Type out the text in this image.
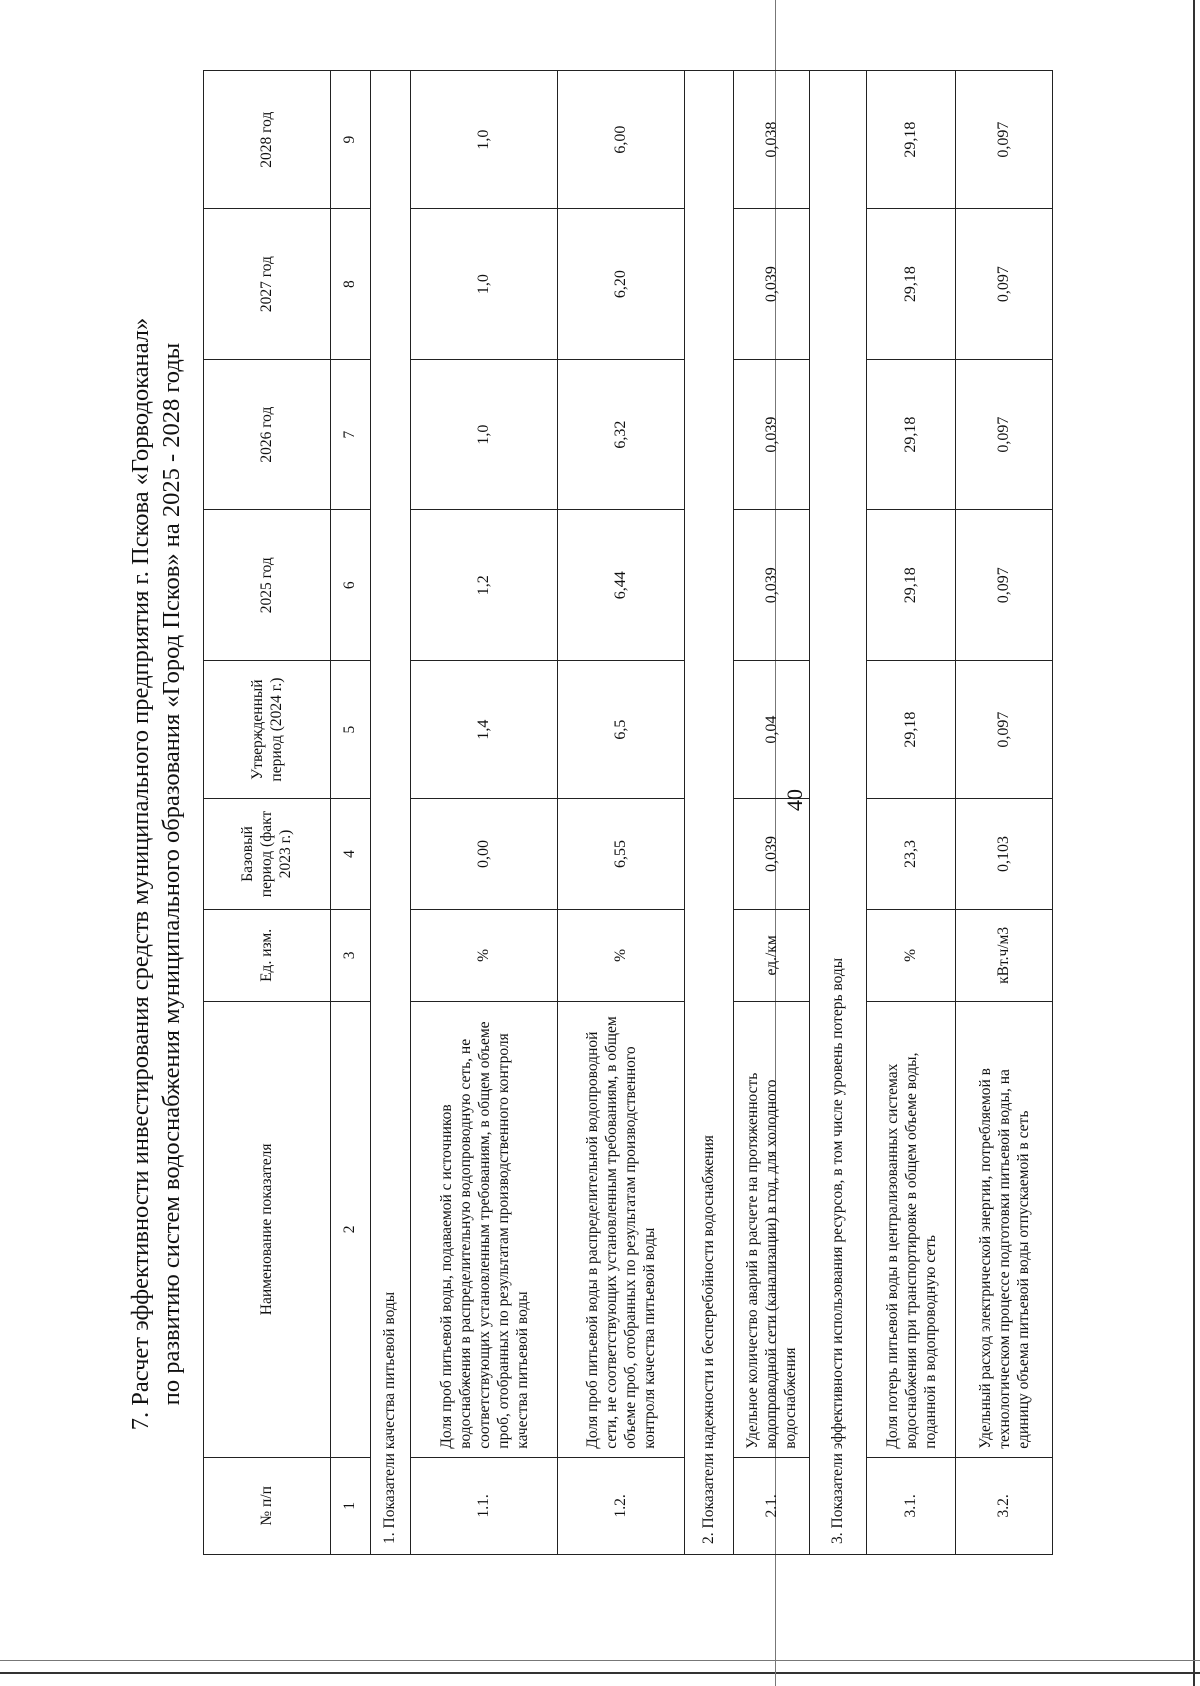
40
7. Расчет эффективности инвестирования средств муниципального предприятия г. Пскова «Горводоканал» по развитию систем водоснабжения муниципального образования «Город Псков» на 2025 - 2028 годы
№ п/п	Наименование показателя	Ед. изм.	Базовый период (факт 2023 г.)	Утвержденный период (2024 г.)	2025 год	2026 год	2027 год	2028 год
1	2	3	4	5	6	7	8	9
1. Показатели качества питьевой воды								
1.1.	Доля проб питьевой воды, подаваемой с источников водоснабжения в распределительную водопроводную сеть, не соответствующих установленным требованиям, в общем объеме проб, отобранных по результатам производственного контроля качества питьевой воды	%	0,00	1,4	1,2	1,0	1,0	1,0
1.2.	Доля проб питьевой воды в распределительной водопроводной сети, не соответствующих установленным требованиям, в общем объеме проб, отобранных по результатам производственного контроля качества питьевой воды	%	6,55	6,5	6,44	6,32	6,20	6,00
2. Показатели надежности и бесперебойности водоснабжения								
2.1.	Удельное количество аварий в расчете на протяженность водопроводной сети (канализации) в год, для холодного водоснабжения	ед./км	0,039	0,04	0,039	0,039	0,039	0,038
3. Показатели эффективности использования ресурсов, в том числе уровень потерь воды								
3.1.	Доля потерь питьевой воды в централизованных системах водоснабжения при транспортировке в общем объеме воды, поданной в водопроводную сеть	%	23,3	29,18	29,18	29,18	29,18	29,18
3.2.	Удельный расход электрической энергии, потребляемой в технологическом процессе подготовки питьевой воды, на единицу объема питьевой воды отпускаемой в сеть	кВт.ч/м3	0,103	0,097	0,097	0,097	0,097	0,097
